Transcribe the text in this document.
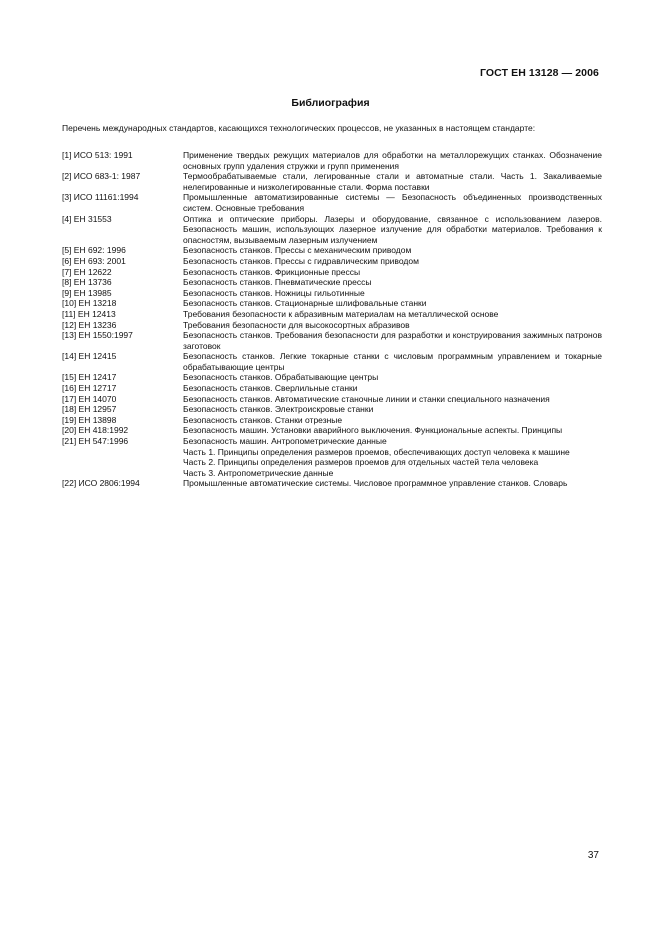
ГОСТ ЕН 13128 — 2006
Библиография
Перечень международных стандартов, касающихся технологических процессов, не указанных в настоящем стандарте:
[1] ИСО 513: 1991	Применение твердых режущих материалов для обработки на металлорежущих станках. Обозначение основных групп удаления стружки и групп применения
[2] ИСО 683-1: 1987	Термообрабатываемые стали, легированные стали и автоматные стали. Часть 1. Закаливаемые нелегированные и низколегированные стали. Форма поставки
[3] ИСО 11161:1994	Промышленные автоматизированные системы — Безопасность объединенных производственных систем. Основные требования
[4] ЕН 31553	Оптика и оптические приборы. Лазеры и оборудование, связанное с использованием лазеров. Безопасность машин, использующих лазерное излучение для обработки материалов. Требования к опасностям, вызываемым лазерным излучением
[5] ЕН 692: 1996	Безопасность станков. Прессы с механическим приводом
[6] ЕН 693: 2001	Безопасность станков. Прессы с гидравлическим приводом
[7] ЕН 12622	Безопасность станков. Фрикционные прессы
[8] ЕН 13736	Безопасность станков. Пневматические прессы
[9] ЕН 13985	Безопасность станков. Ножницы гильотинные
[10] ЕН 13218	Безопасность станков. Стационарные шлифовальные станки
[11] ЕН 12413	Требования безопасности к абразивным материалам на металлической основе
[12] ЕН 13236	Требования безопасности для высокосортных абразивов
[13] ЕН 1550:1997	Безопасность станков. Требования безопасности для разработки и конструирования зажимных патронов заготовок
[14] ЕН 12415	Безопасность станков. Легкие токарные станки с числовым программным управлением и токарные обрабатывающие центры
[15] ЕН 12417	Безопасность станков. Обрабатывающие центры
[16] ЕН 12717	Безопасность станков. Сверлильные станки
[17] ЕН 14070	Безопасность станков. Автоматические станочные линии и станки специального назначения
[18] ЕН 12957	Безопасность станков. Электроискровые станки
[19] ЕН 13898	Безопасность станков. Станки отрезные
[20] ЕН 418:1992	Безопасность машин. Установки аварийного выключения. Функциональные аспекты. Принципы
[21] ЕН 547:1996	Безопасность машин. Антропометрические данные
Часть 1. Принципы определения размеров проемов, обеспечивающих доступ человека к машине
Часть 2. Принципы определения размеров проемов для отдельных частей тела человека
Часть 3. Антропометрические данные
[22] ИСО 2806:1994	Промышленные автоматические системы. Числовое программное управление станков. Словарь
37
